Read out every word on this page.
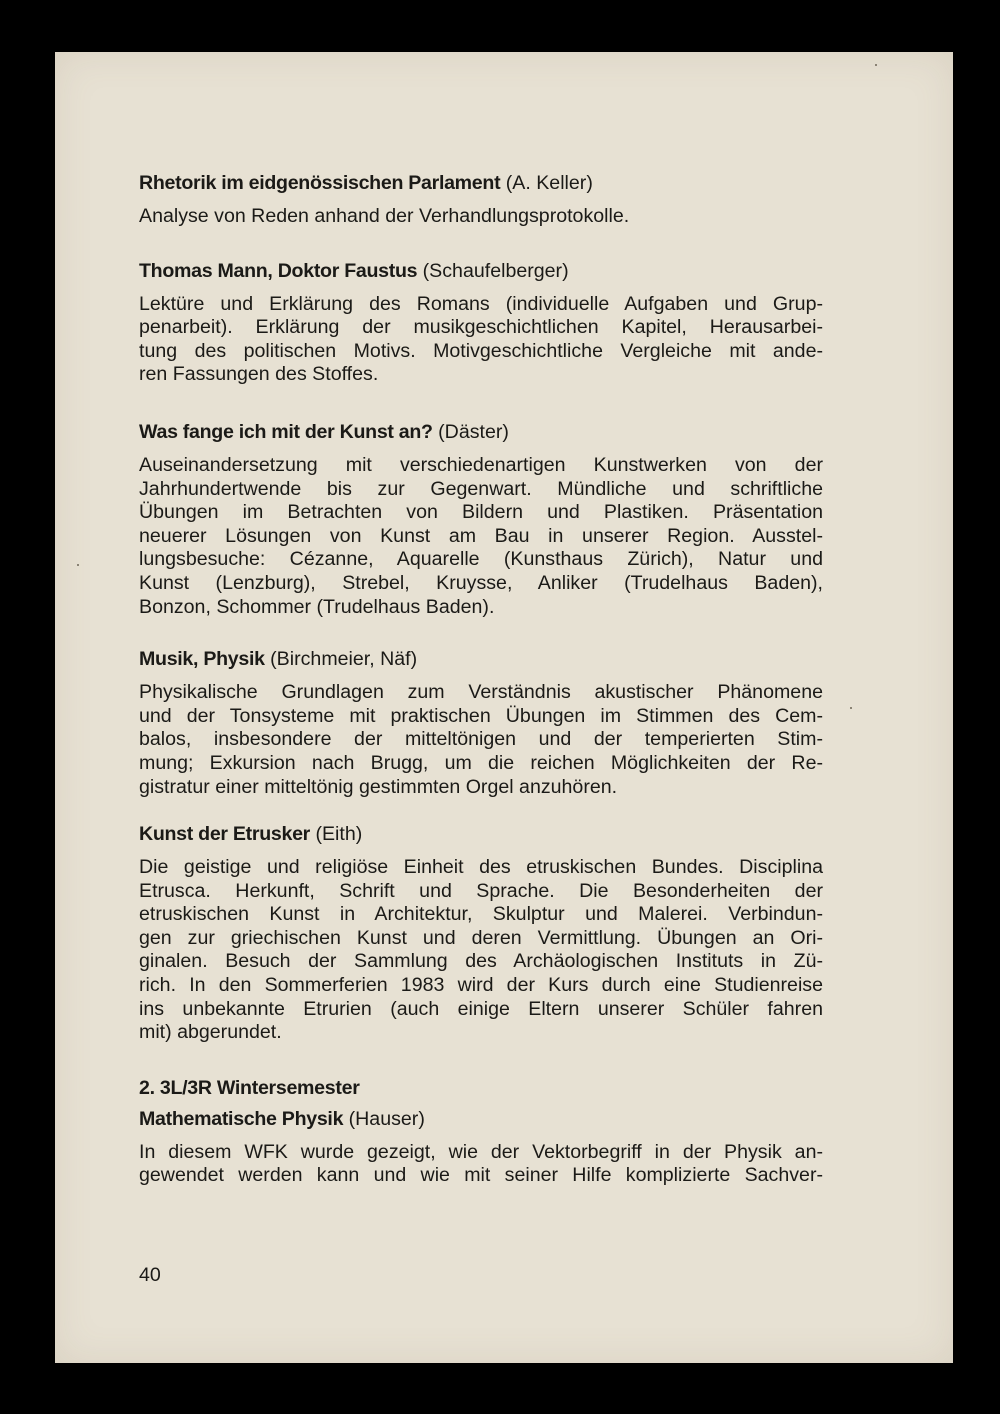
Rhetorik im eidgenössischen Parlament (A. Keller)

Analyse von Reden anhand der Verhandlungsprotokolle.

Thomas Mann, Doktor Faustus (Schaufelberger)

Lektüre und Erklärung des Romans (individuelle Aufgaben und Grup-
penarbeit). Erklärung der musikgeschichtlichen Kapitel, Herausarbei-
tung des politischen Motivs. Motivgeschichtliche Vergleiche mit ande-
ren Fassungen des Stoffes.

Was fange ich mit der Kunst an? (Däster)

Auseinandersetzung mit verschiedenartigen Kunstwerken von der
Jahrhundertwende bis zur Gegenwart. Mündliche und schriftliche
Übungen im Betrachten von Bildern und Plastiken. Präsentation
neuerer Lösungen von Kunst am Bau in unserer Region. Ausstel-
lungsbesuche: Cézanne, Aquarelle (Kunsthaus Zürich), Natur und
Kunst (Lenzburg), Strebel, Kruysse, Anliker (Trudelhaus Baden),
Bonzon, Schommer (Trudelhaus Baden).

Musik, Physik (Birchmeier, Näf)

Physikalische Grundlagen zum Verständnis akustischer Phänomene
und der Tonsysteme mit praktischen Übungen im Stimmen des Cem-
balos, insbesondere der mitteltönigen und der temperierten Stim-
mung; Exkursion nach Brugg, um die reichen Möglichkeiten der Re-
gistratur einer mitteltönig gestimmten Orgel anzuhören.

Kunst der Etrusker (Eith)

Die geistige und religiöse Einheit des etruskischen Bundes. Disciplina
Etrusca. Herkunft, Schrift und Sprache. Die Besonderheiten der
etruskischen Kunst in Architektur, Skulptur und Malerei. Verbindun-
gen zur griechischen Kunst und deren Vermittlung. Übungen an Ori-
ginalen. Besuch der Sammlung des Archäologischen Instituts in Zü-
rich. In den Sommerferien 1983 wird der Kurs durch eine Studienreise
ins unbekannte Etrurien (auch einige Eltern unserer Schüler fahren
mit) abgerundet.

2. 3L/3R Wintersemester

Mathematische Physik (Hauser)

In diesem WFK wurde gezeigt, wie der Vektorbegriff in der Physik an-
gewendet werden kann und wie mit seiner Hilfe komplizierte Sachver-
40
